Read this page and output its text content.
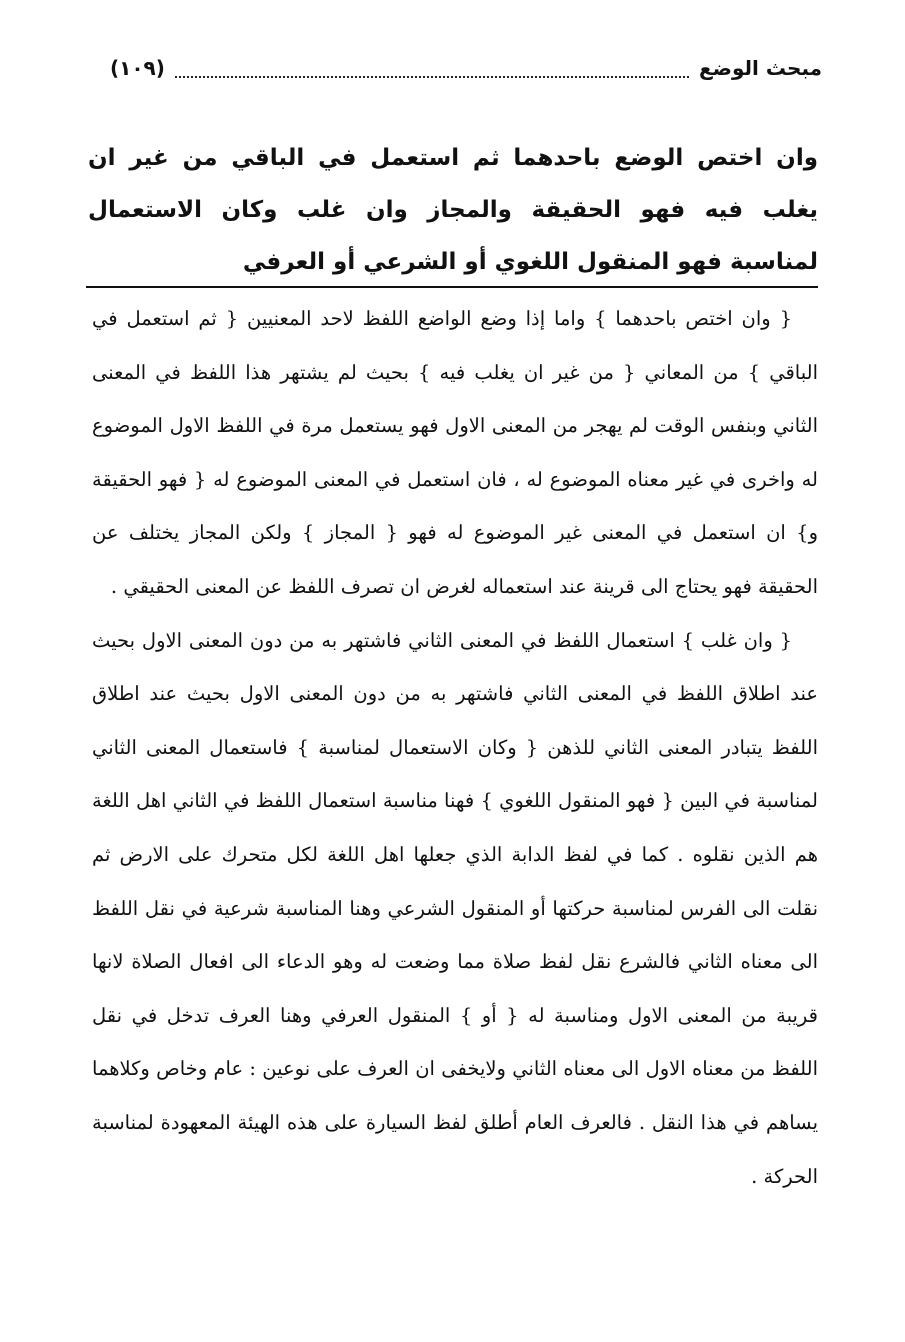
مبحث الوضع
(١٠٩)

وان اختص الوضع باحدهما ثم استعمل في الباقي من غير ان يغلب فيه فهو الحقيقة والمجاز وان غلب وكان الاستعمال لمناسبة فهو المنقول اللغوي أو الشرعي أو العرفي

{ وان اختص باحدهما } واما إذا وضع الواضع اللفظ لاحد المعنيين { ثم استعمل في الباقي } من المعاني { من غير ان يغلب فيه } بحيث لم يشتهر هذا اللفظ في المعنى الثاني وبنفس الوقت لم يهجر من المعنى الاول فهو يستعمل مرة في اللفظ الاول الموضوع له واخرى في غير معناه الموضوع له ، فان استعمل في المعنى الموضوع له { فهو الحقيقة و} ان استعمل في المعنى غير الموضوع له فهو { المجاز } ولكن المجاز يختلف عن الحقيقة فهو يحتاج الى قرينة عند استعماله لغرض ان تصرف اللفظ عن المعنى الحقيقي .

{ وان غلب } استعمال اللفظ في المعنى الثاني فاشتهر به من دون المعنى الاول بحيث عند اطلاق اللفظ في المعنى الثاني فاشتهر به من دون المعنى الاول بحيث عند اطلاق اللفظ يتبادر المعنى الثاني للذهن { وكان الاستعمال لمناسبة } فاستعمال المعنى الثاني لمناسبة في البين { فهو المنقول اللغوي } فهنا مناسبة استعمال اللفظ في الثاني اهل اللغة هم الذين نقلوه . كما في لفظ الدابة الذي جعلها اهل اللغة لكل متحرك على الارض ثم نقلت الى الفرس لمناسبة حركتها أو المنقول الشرعي وهنا المناسبة شرعية في نقل اللفظ الى معناه الثاني فالشرع نقل لفظ صلاة مما وضعت له وهو الدعاء الى افعال الصلاة لانها قريبة من المعنى الاول ومناسبة له { أو } المنقول العرفي وهنا العرف تدخل في نقل اللفظ من معناه الاول الى معناه الثاني ولايخفى ان العرف على نوعين : عام وخاص وكلاهما يساهم في هذا النقل . فالعرف العام أطلق لفظ السيارة على هذه الهيئة المعهودة لمناسبة الحركة .
